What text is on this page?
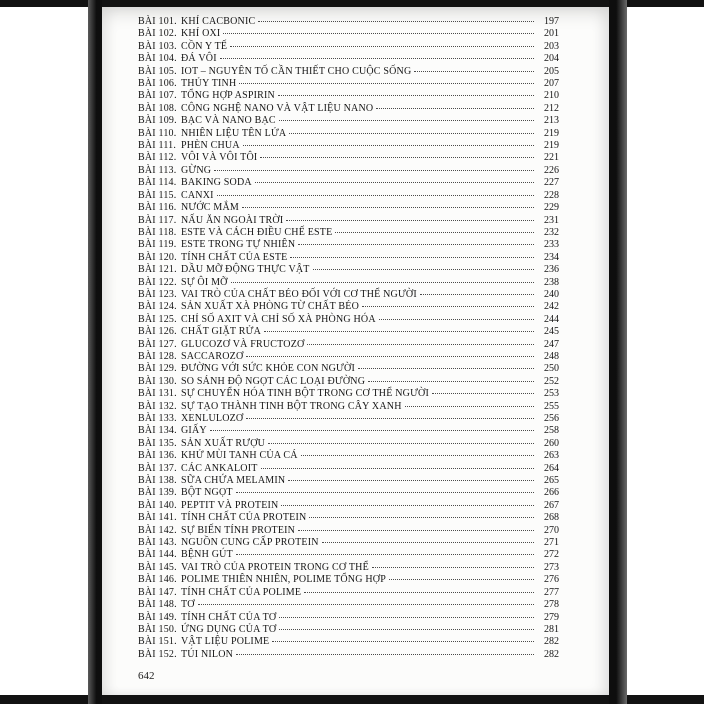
BÀI 101. KHÍ CACBONIC	197
BÀI 102. KHÍ OXI	201
BÀI 103. CỒN Y TẾ	203
BÀI 104. ĐÁ VÔI	204
BÀI 105. IOT – NGUYÊN TỐ CẦN THIẾT CHO CUỘC SỐNG	205
BÀI 106. THỦY TINH	207
BÀI 107. TỔNG HỢP ASPIRIN	210
BÀI 108. CÔNG NGHỆ NANO VÀ VẬT LIỆU NANO	212
BÀI 109. BẠC VÀ NANO BẠC	213
BÀI 110. NHIÊN LIỆU TÊN LỬA	219
BÀI 111. PHÈN CHUA	219
BÀI 112. VÔI VÀ VÔI TÔI	221
BÀI 113. GỪNG	226
BÀI 114. BAKING SODA	227
BÀI 115. CANXI	228
BÀI 116. NƯỚC MẮM	229
BÀI 117. NẤU ĂN NGOÀI TRỜI	231
BÀI 118. ESTE VÀ CÁCH ĐIỀU CHẾ ESTE	232
BÀI 119. ESTE TRONG TỰ NHIÊN	233
BÀI 120. TÍNH CHẤT CỦA ESTE	234
BÀI 121. DẦU MỠ ĐỘNG THỰC VẬT	236
BÀI 122. SỰ ÔI MỠ	238
BÀI 123. VAI TRÒ CỦA CHẤT BÉO ĐỐI VỚI CƠ THỂ NGƯỜI	240
BÀI 124. SẢN XUẤT XÀ PHÒNG TỪ CHẤT BÉO	242
BÀI 125. CHỈ SỐ AXIT VÀ CHỈ SỐ XÀ PHÒNG HÓA	244
BÀI 126. CHẤT GIẶT RỬA	245
BÀI 127. GLUCOZƠ VÀ FRUCTOZƠ	247
BÀI 128. SACCAROZƠ	248
BÀI 129. ĐƯỜNG VỚI SỨC KHỎE CON NGƯỜI	250
BÀI 130. SO SÁNH ĐỘ NGỌT CÁC LOẠI ĐƯỜNG	252
BÀI 131. SỰ CHUYỂN HÓA TINH BỘT TRONG CƠ THỂ NGƯỜI	253
BÀI 132. SỰ TẠO THÀNH TINH BỘT TRONG CÂY XANH	255
BÀI 133. XENLULOZƠ	256
BÀI 134. GIẤY	258
BÀI 135. SẢN XUẤT RƯỢU	260
BÀI 136. KHỬ MÙI TANH CỦA CÁ	263
BÀI 137. CÁC ANKALOIT	264
BÀI 138. SỮA CHỨA MELAMIN	265
BÀI 139. BỘT NGỌT	266
BÀI 140. PEPTIT VÀ PROTEIN	267
BÀI 141. TÍNH CHẤT CỦA PROTEIN	268
BÀI 142. SỰ BIẾN TÍNH PROTEIN	270
BÀI 143. NGUỒN CUNG CẤP PROTEIN	271
BÀI 144. BỆNH GÚT	272
BÀI 145. VAI TRÒ CỦA PROTEIN TRONG CƠ THỂ	273
BÀI 146. POLIME THIÊN NHIÊN, POLIME TỔNG HỢP	276
BÀI 147. TÍNH CHẤT CỦA POLIME	277
BÀI 148. TƠ	278
BÀI 149. TÍNH CHẤT CỦA TƠ	279
BÀI 150. ỨNG DỤNG CỦA TƠ	281
BÀI 151. VẬT LIỆU POLIME	282
BÀI 152. TÚI NILON	282
642
